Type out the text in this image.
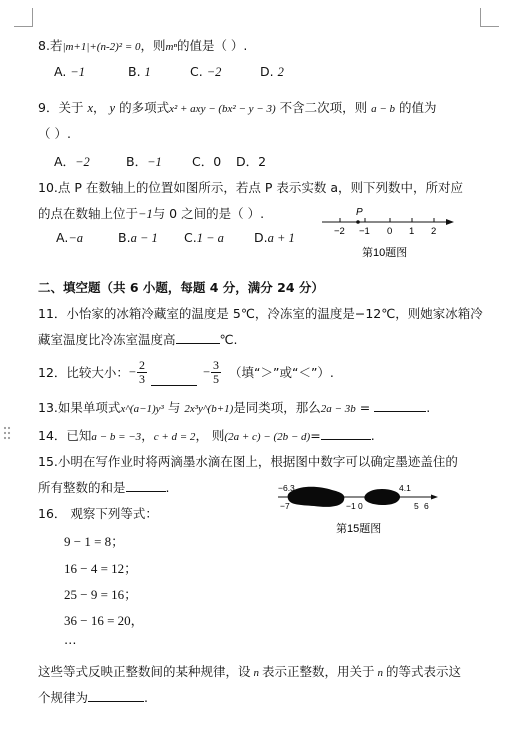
8.若|m+1|+(n-2)² = 0，则mⁿ的值是（ ）.
A. −1	B. 1	C. −2	D. 2
9．关于 x， y 的多项式x² + axy − (bx² − y − 3) 不含二次项，则 a − b 的值为
（ ）.
A．−2	B．−1 C．0 D．2
10.点 P 在数轴上的位置如图所示，若点 P 表示实数 a，则下列数中，所对应
的点在数轴上位于−1与 0 之间的是（ ）.
A.−a	B.a − 1 C.1 − a D.a + 1
P
−2 −1 0 1 2
第10题图
二、填空题（共 6 小题，每题 4 分，满分 24 分）
11．小怡家的冰箱冷藏室的温度是 5℃，冷冻室的温度是−12℃，则她家冰箱冷
藏室温度比冷冻室温度高	℃.
12．比较大小： − $\frac{2}{3}$	− $\frac{3}{5}$ （填“＞”或“＜”）.
13.如果单项式x^(a−1)y³ 与 2x³y^(b+1)是同类项，那么2a − 3b =	.
14．已知a − b = −3，c + d = 2， 则(2a + c) − (2b − d)=	.
15.小明在写作业时将两滴墨水滴在图上，根据图中数字可以确定墨迹盖住的
所有整数的和是	.	−6.3	4.1
−7	−1 0	5 6
第15题图
16． 观察下列等式：
9 − 1 = 8；
16 − 4 = 12；
25 − 9 = 16；
36 − 16 = 20，
…
这些等式反映正整数间的某种规律，设 n 表示正整数，用关于 n 的等式表示这
个规律为	.
